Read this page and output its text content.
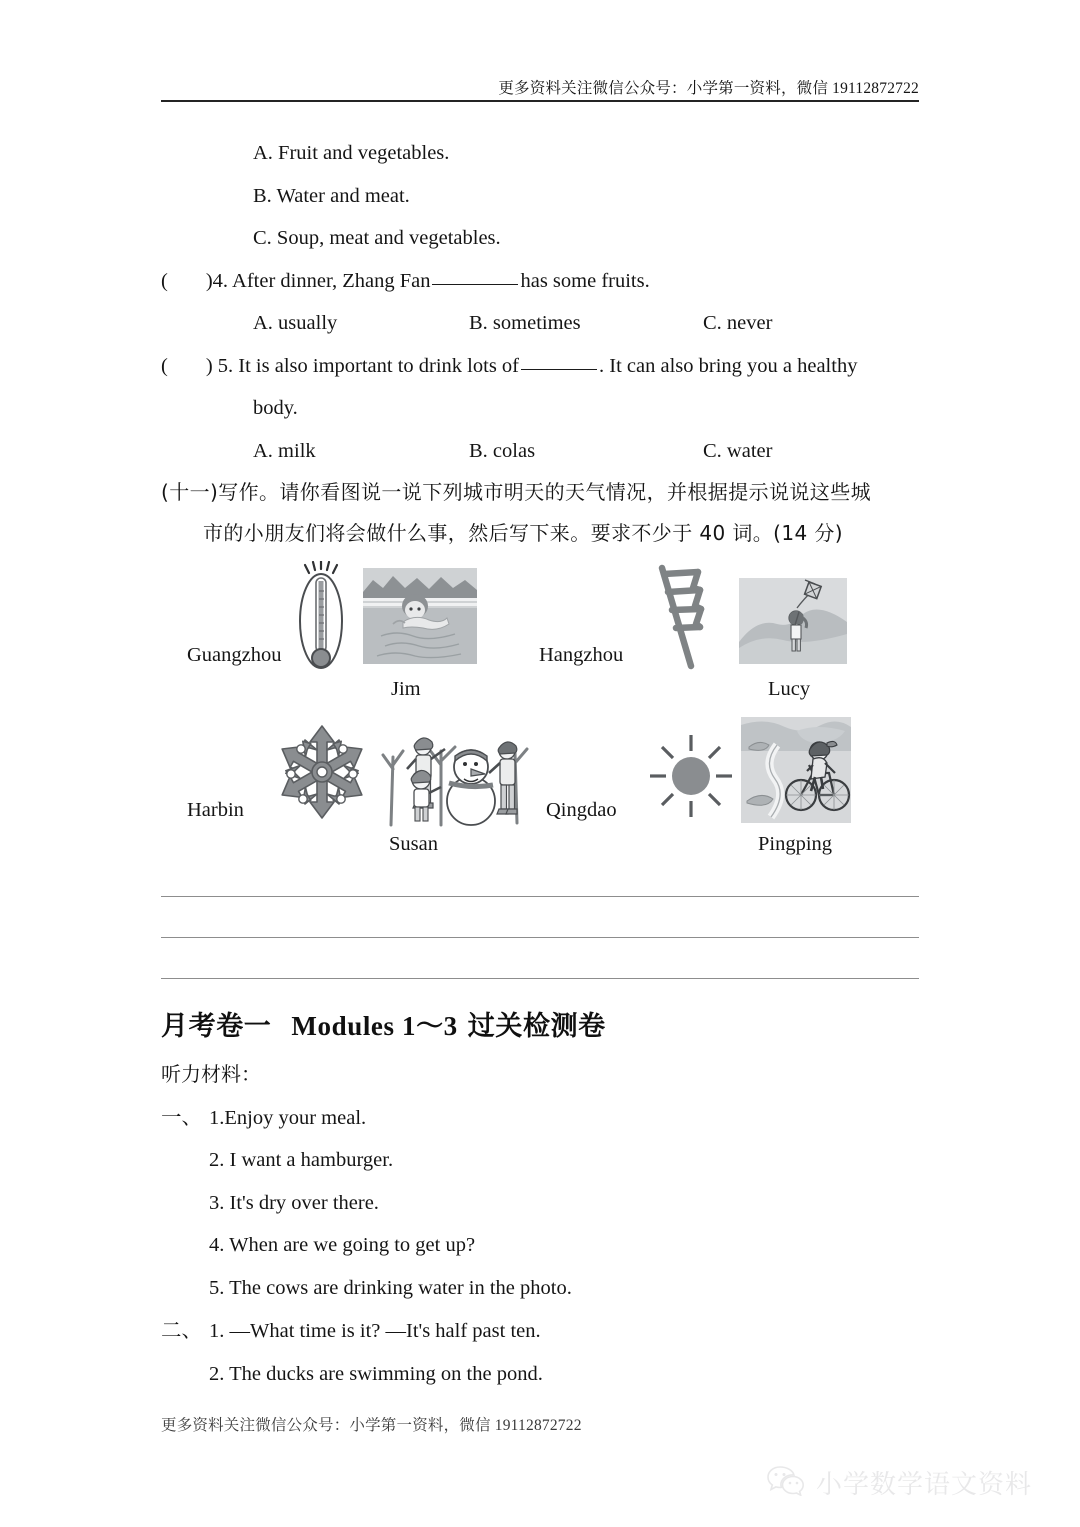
更多资料关注微信公众号：小学第一资料，微信 19112872722
A. Fruit and vegetables.
B. Water and meat.
C. Soup, meat and vegetables.
( )4. After dinner, Zhang Fan	has some fruits.
A. usually	B. sometimes	C. never
( ) 5. It is also important to drink lots of	. It can also bring you a healthy
body.
A. milk	B. colas	C. water
(十一)写作。请你看图说一说下列城市明天的天气情况，并根据提示说说这些城
市的小朋友们将会做什么事，然后写下来。要求不少于 40 词。(14 分)
Guangzhou
Jim
Hangzhou
Lucy
Harbin
Susan
Qingdao
Pingping
月考卷一 Modules 1～3 过关检测卷
听力材料：
一、 1.Enjoy your meal.
2. I want a hamburger.
3. It's dry over there.
4. When are we going to get up?
5. The cows are drinking water in the photo.
二、 1. —What time is it? —It's half past ten.
2. The ducks are swimming on the pond.
更多资料关注微信公众号：小学第一资料，微信 19112872722
小学数学语文资料
